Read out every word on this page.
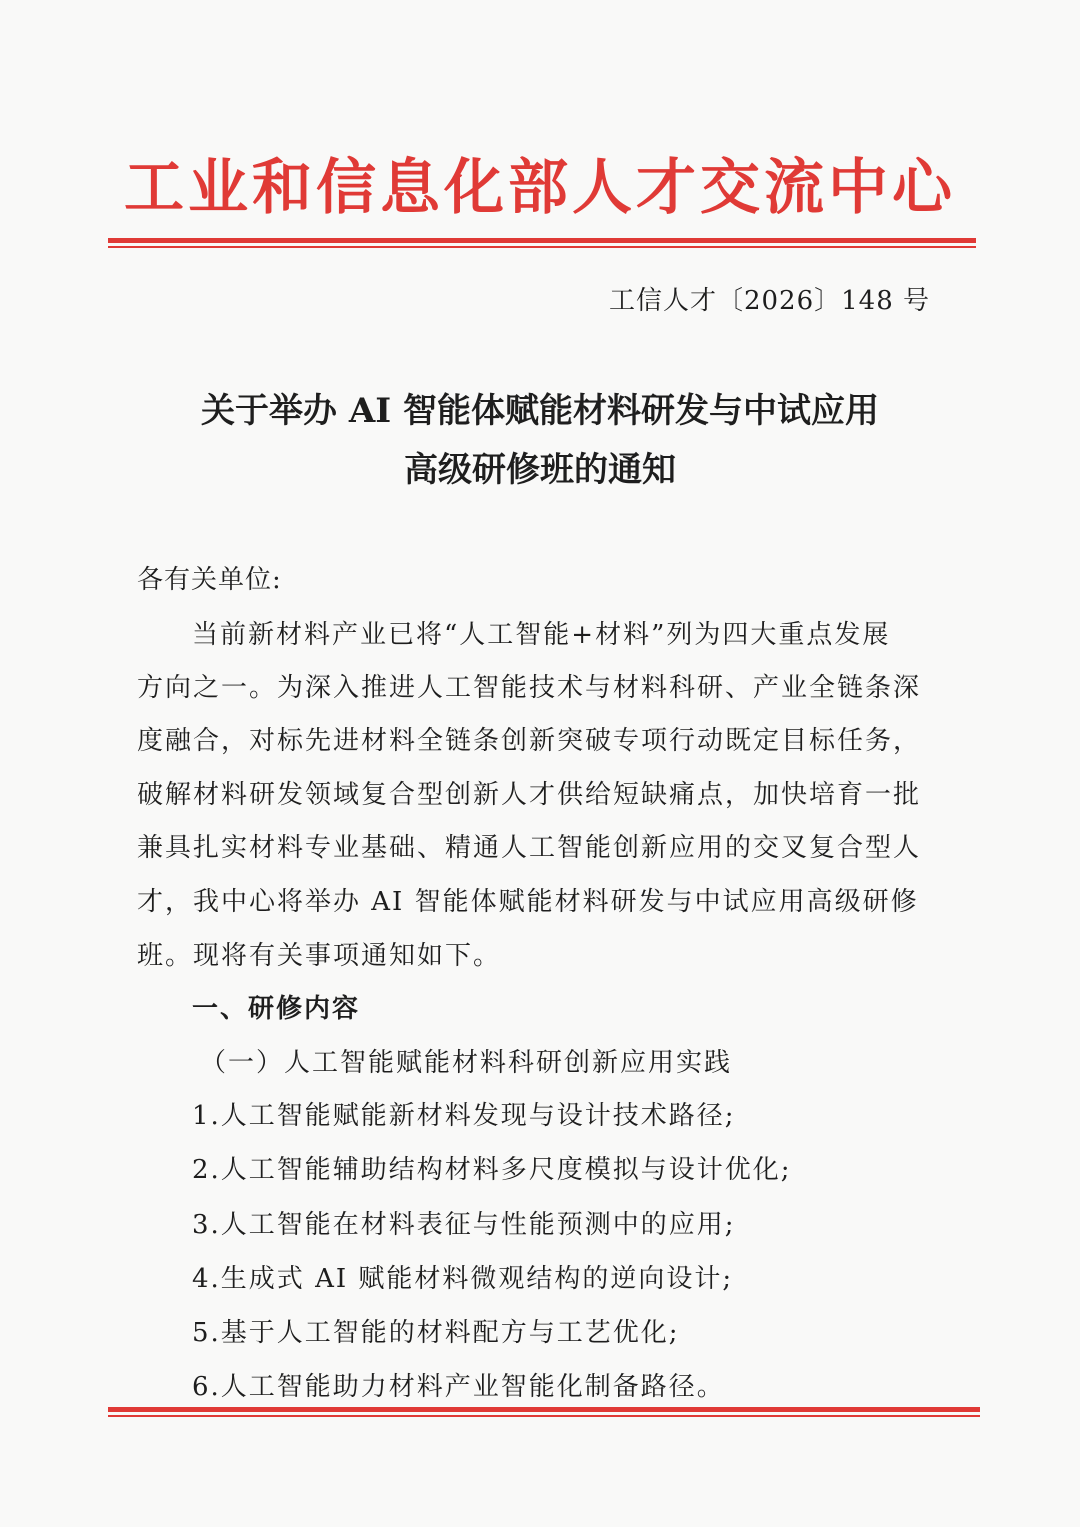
工业和信息化部人才交流中心
工信人才〔2026〕148 号
关于举办 AI 智能体赋能材料研发与中试应用
高级研修班的通知
各有关单位:
当前新材料产业已将“人工智能+材料”列为四大重点发展
方向之一。为深入推进人工智能技术与材料科研、产业全链条深
度融合，对标先进材料全链条创新突破专项行动既定目标任务，
破解材料研发领域复合型创新人才供给短缺痛点，加快培育一批
兼具扎实材料专业基础、精通人工智能创新应用的交叉复合型人
才，我中心将举办 AI 智能体赋能材料研发与中试应用高级研修
班。现将有关事项通知如下。
一、研修内容
（一）人工智能赋能材料科研创新应用实践
1.人工智能赋能新材料发现与设计技术路径;
2.人工智能辅助结构材料多尺度模拟与设计优化;
3.人工智能在材料表征与性能预测中的应用;
4.生成式 AI 赋能材料微观结构的逆向设计;
5.基于人工智能的材料配方与工艺优化;
6.人工智能助力材料产业智能化制备路径。
